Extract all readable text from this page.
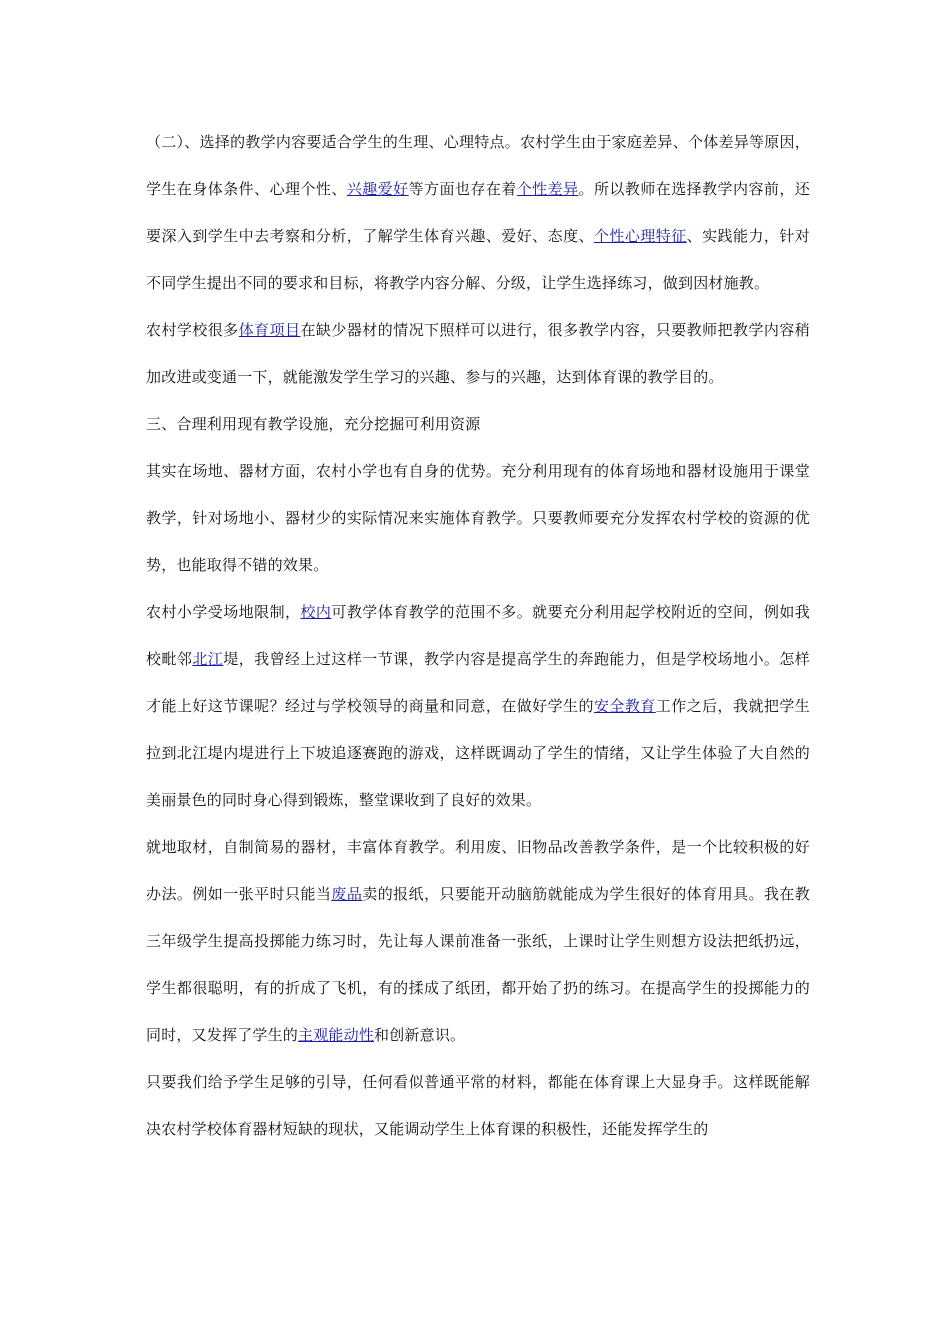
（二）、选择的教学内容要适合学生的生理、心理特点。农村学生由于家庭差异、个体差异等原因，学生在身体条件、心理个性、兴趣爱好等方面也存在着个性差异。所以教师在选择教学内容前，还要深入到学生中去考察和分析，了解学生体育兴趣、爱好、态度、个性心理特征、实践能力，针对不同学生提出不同的要求和目标，将教学内容分解、分级，让学生选择练习，做到因材施教。

农村学校很多体育项目在缺少器材的情况下照样可以进行，很多教学内容，只要教师把教学内容稍加改进或变通一下，就能激发学生学习的兴趣、参与的兴趣，达到体育课的教学目的。

三、合理利用现有教学设施，充分挖掘可利用资源

其实在场地、器材方面，农村小学也有自身的优势。充分利用现有的体育场地和器材设施用于课堂教学，针对场地小、器材少的实际情况来实施体育教学。只要教师要充分发挥农村学校的资源的优势，也能取得不错的效果。

农村小学受场地限制，校内可教学体育教学的范围不多。就要充分利用起学校附近的空间，例如我校毗邻北江堤，我曾经上过这样一节课，教学内容是提高学生的奔跑能力，但是学校场地小。怎样才能上好这节课呢？经过与学校领导的商量和同意，在做好学生的安全教育工作之后，我就把学生拉到北江堤内堤进行上下坡追逐赛跑的游戏，这样既调动了学生的情绪，又让学生体验了大自然的美丽景色的同时身心得到锻炼，整堂课收到了良好的效果。

就地取材，自制简易的器材，丰富体育教学。利用废、旧物品改善教学条件，是一个比较积极的好办法。例如一张平时只能当废品卖的报纸，只要能开动脑筋就能成为学生很好的体育用具。我在教三年级学生提高投掷能力练习时，先让每人课前准备一张纸，上课时让学生则想方设法把纸扔远，学生都很聪明，有的折成了飞机，有的揉成了纸团，都开始了扔的练习。在提高学生的投掷能力的同时，又发挥了学生的主观能动性和创新意识。

只要我们给予学生足够的引导，任何看似普通平常的材料，都能在体育课上大显身手。这样既能解决农村学校体育器材短缺的现状，又能调动学生上体育课的积极性，还能发挥学生的
